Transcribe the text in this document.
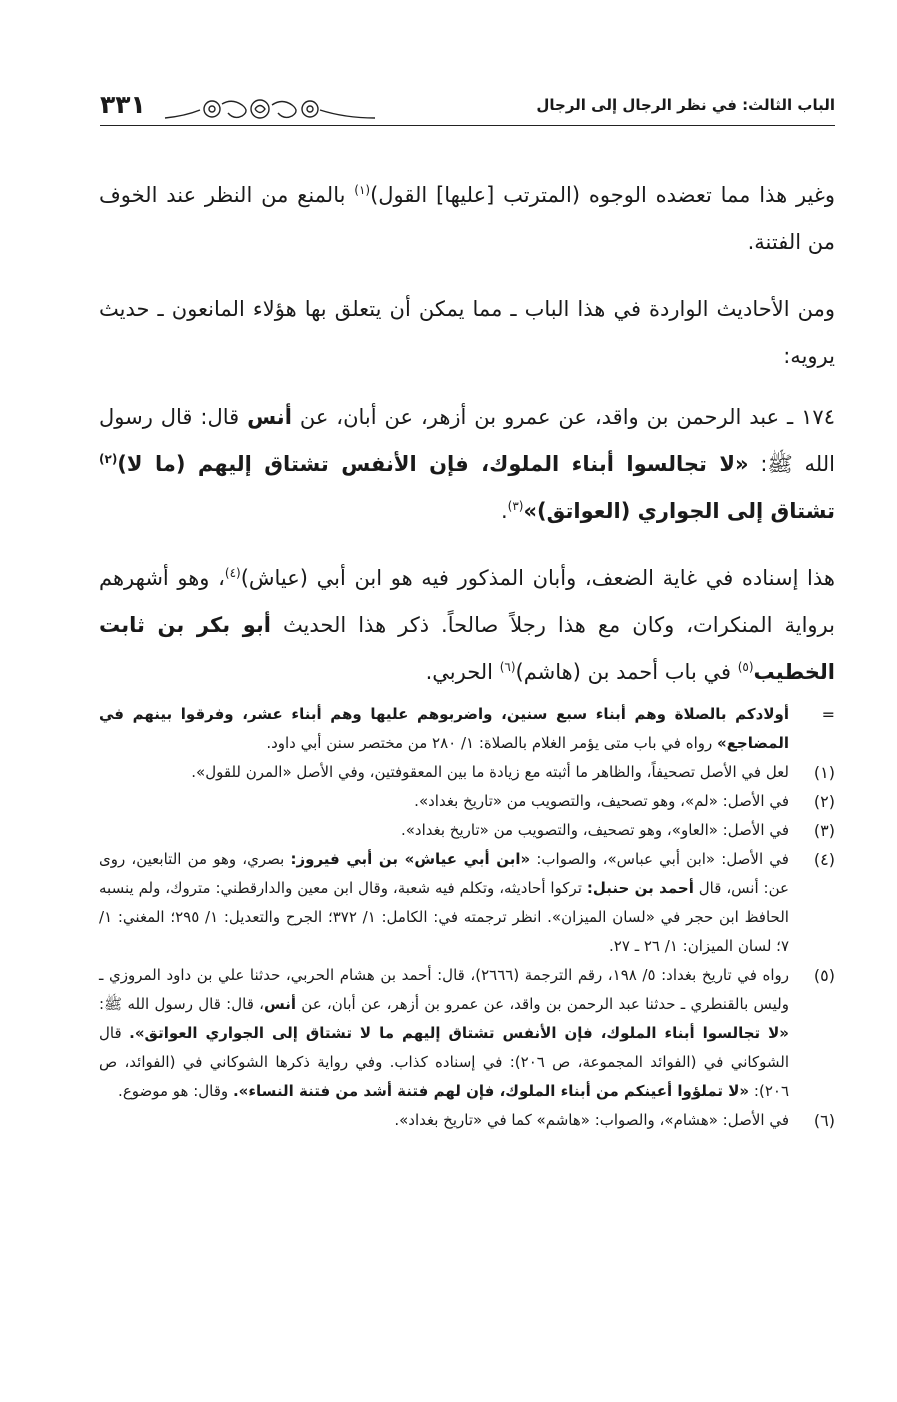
٣٣١	الباب الثالث: في نظر الرجال إلى الرجال

وغير هذا مما تعضده الوجوه (المترتب [عليها] القول)$^{(١)}$ بالمنع من النظر عند الخوف من الفتنة.

ومن الأحاديث الواردة في هذا الباب ـ مما يمكن أن يتعلق بها هؤلاء المانعون ـ حديث يرويه:

١٧٤ ـ عبد الرحمن بن واقد، عن عمرو بن أزهر، عن أبان، عن أنس قال: قال رسول الله ﷺ: «لا تجالسوا أبناء الملوك، فإن الأنفس تشتاق إليهم (ما لا)$^{(٢)}$ تشتاق إلى الجواري (العواتق)»$^{(٣)}$.

هذا إسناده في غاية الضعف، وأبان المذكور فيه هو ابن أبي (عياش)$^{(٤)}$، وهو أشهرهم برواية المنكرات، وكان مع هذا رجلاً صالحاً. ذكر هذا الحديث أبو بكر بن ثابت الخطيب$^{(٥)}$ في باب أحمد بن (هاشم)$^{(٦)}$ الحربي.

=
أولادكم بالصلاة وهم أبناء سبع سنين، واضربوهم عليها وهم أبناء عشر، وفرقوا بينهم في المضاجع» رواه في باب متى يؤمر الغلام بالصلاة: ١/ ٢٨٠ من مختصر سنن أبي داود.
(١)
لعل في الأصل تصحيفاً، والظاهر ما أثبته مع زيادة ما بين المعقوفتين، وفي الأصل «المرن للقول».
(٢)
في الأصل: «لم»، وهو تصحيف، والتصويب من «تاريخ بغداد».
(٣)
في الأصل: «العاو»، وهو تصحيف، والتصويب من «تاريخ بغداد».
(٤)
في الأصل: «ابن أبي عباس»، والصواب: «ابن أبي عياش» بن أبي فيروز: بصري، وهو من التابعين، روى عن: أنس، قال أحمد بن حنبل: تركوا أحاديثه، وتكلم فيه شعبة، وقال ابن معين والدارقطني: متروك، ولم ينسبه الحافظ ابن حجر في «لسان الميزان». انظر ترجمته في: الكامل: ١/ ٣٧٢؛ الجرح والتعديل: ١/ ٢٩٥؛ المغني: ١/ ٧؛ لسان الميزان: ١/ ٢٦ ـ ٢٧.
(٥)
رواه في تاريخ بغداد: ٥/ ١٩٨، رقم الترجمة (٢٦٦٦)، قال: أحمد بن هشام الحربي، حدثنا علي بن داود المروزي ـ وليس بالقنطري ـ حدثنا عبد الرحمن بن واقد، عن عمرو بن أزهر، عن أبان، عن أنس، قال: قال رسول الله ﷺ: «لا تجالسوا أبناء الملوك، فإن الأنفس تشتاق إليهم ما لا تشتاق إلى الجواري العواتق». قال الشوكاني في (الفوائد المجموعة، ص ٢٠٦): في إسناده كذاب. وفي رواية ذكرها الشوكاني في (الفوائد، ص ٢٠٦): «لا تملؤوا أعينكم من أبناء الملوك، فإن لهم فتنة أشد من فتنة النساء». وقال: هو موضوع.
(٦)
في الأصل: «هشام»، والصواب: «هاشم» كما في «تاريخ بغداد».
